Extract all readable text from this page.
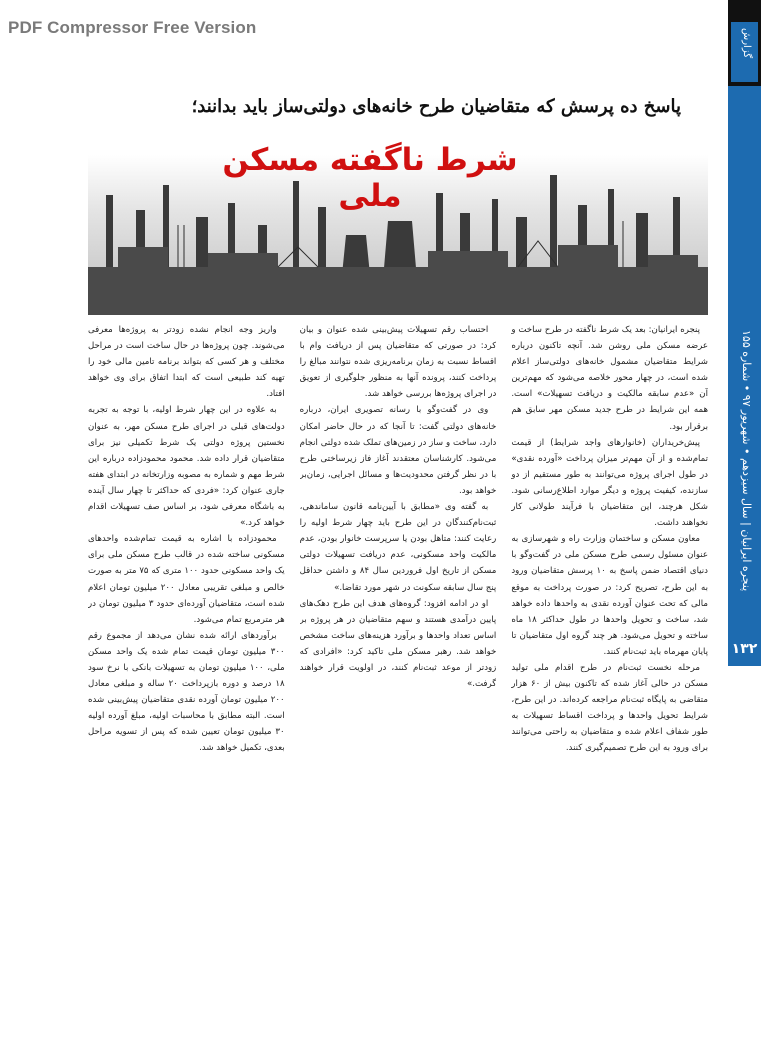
PDF Compressor Free Version
گزارش
پنجره ایرانیان | سال سیزدهم • شهریور ۹۷ • شماره ۱۵۵
۱۳۲
پاسخ ده پرسش که متقاضیان طرح خانه‌های دولتی‌ساز باید بدانند؛
شرط ناگفته مسکن ملی

پنجره ایرانیان: بعد یک شرط ناگفته در طرح ساخت و عرضه مسکن ملی روشن شد. آنچه تاکنون درباره شرایط متقاضیان مشمول خانه‌های دولتی‌ساز اعلام شده است، در چهار محور خلاصه می‌شود که مهم‌ترین آن «عدم سابقه مالکیت و دریافت تسهیلات» است. همه این شرایط در طرح جدید مسکن مهر سابق هم برقرار بود.

پیش‌خریداران (خانوارهای واجد شرایط) از قیمت تمام‌شده و از آن مهم‌تر میزان پرداخت «آورده نقدی» در طول اجرای پروژه می‌توانند به طور مستقیم از دو سازنده، کیفیت پروژه و دیگر موارد اطلاع‌رسانی شود. شکل هرچند، این متقاضیان با فرآیند طولانی کار نخواهند داشت.

معاون مسکن و ساختمان وزارت راه و شهرسازی به عنوان مسئول رسمی طرح مسکن ملی در گفت‌وگو با دنیای اقتصاد ضمن پاسخ به ۱۰ پرسش متقاضیان ورود به این طرح، تصریح کرد: در صورت پرداخت به موقع مالی که تحت عنوان آورده نقدی به واحدها داده خواهد شد، ساخت و تحویل واحدها در طول حداکثر ۱۸ ماه ساخته و تحویل می‌شود. هر چند گروه اول متقاضیان تا پایان مهرماه باید ثبت‌نام کنند.

مرحله نخست ثبت‌نام در طرح اقدام ملی تولید مسکن در حالی آغاز شده که تاکنون بیش از ۶۰ هزار متقاضی به پایگاه ثبت‌نام مراجعه کرده‌اند. در این طرح، شرایط تحویل واحدها و پرداخت اقساط تسهیلات به طور شفاف اعلام شده و متقاضیان به راحتی می‌توانند برای ورود به این طرح تصمیم‌گیری کنند.

احتساب رقم تسهیلات پیش‌بینی شده عنوان و بیان کرد: در صورتی که متقاضیان پس از دریافت وام با اقساط نسبت به زمان برنامه‌ریزی شده نتوانند مبالغ را پرداخت کنند، پرونده آنها به منظور جلوگیری از تعویق در اجرای پروژه‌ها بررسی خواهد شد.

وی در گفت‌وگو با رسانه تصویری ایران، درباره خانه‌های دولتی گفت: تا آنجا که در حال حاضر امکان دارد، ساخت و ساز در زمین‌های تملک شده دولتی انجام می‌شود. کارشناسان معتقدند آغاز فاز زیرساختی طرح با در نظر گرفتن محدودیت‌ها و مسائل اجرایی، زمان‌بر خواهد بود.

به گفته وی «مطابق با آیین‌نامه قانون ساماندهی، ثبت‌نام‌کنندگان در این طرح باید چهار شرط اولیه را رعایت کنند: متاهل بودن یا سرپرست خانوار بودن، عدم مالکیت واحد مسکونی، عدم دریافت تسهیلات دولتی مسکن از تاریخ اول فروردین سال ۸۴ و داشتن حداقل پنج سال سابقه سکونت در شهر مورد تقاضا.»

او در ادامه افزود: گروه‌های هدف این طرح دهک‌های پایین درآمدی هستند و سهم متقاضیان در هر پروژه بر اساس تعداد واحدها و برآورد هزینه‌های ساخت مشخص خواهد شد. رهبر مسکن ملی تاکید کرد: «افرادی که زودتر از موعد ثبت‌نام کنند، در اولویت قرار خواهند گرفت.»

واریز وجه انجام نشده زودتر به پروژه‌ها معرفی می‌شوند. چون پروژه‌ها در حال ساخت است در مراحل مختلف و هر کسی که بتواند برنامه تامین مالی خود را تهیه کند طبیعی است که ابتدا اتفاق برای وی خواهد افتاد.

به علاوه در این چهار شرط اولیه، با توجه به تجربه دولت‌های قبلی در اجرای طرح مسکن مهر، به عنوان نخستین پروژه دولتی یک شرط تکمیلی نیز برای متقاضیان قرار داده شد. محمود محمودزاده درباره این شرط مهم و شماره به مصوبه وزارتخانه در ابتدای هفته جاری عنوان کرد: «فردی که حداکثر تا چهار سال آینده به باشگاه معرفی شود، بر اساس صف تسهیلات اقدام خواهد کرد.»

محمودزاده با اشاره به قیمت تمام‌شده واحدهای مسکونی ساخته شده در قالب طرح مسکن ملی برای یک واحد مسکونی حدود ۱۰۰ متری که ۷۵ متر به صورت خالص و مبلغی تقریبی معادل ۲۰۰ میلیون تومان اعلام شده است، متقاضیان آورده‌ای حدود ۳ میلیون تومان در هر مترمربع تمام می‌شود.

برآوردهای ارائه شده نشان می‌دهد از مجموع رقم ۳۰۰ میلیون تومان قیمت تمام شده یک واحد مسکن ملی، ۱۰۰ میلیون تومان به تسهیلات بانکی با نرخ سود ۱۸ درصد و دوره بازپرداخت ۲۰ ساله و مبلغی معادل ۲۰۰ میلیون تومان آورده نقدی متقاضیان پیش‌بینی شده است. البته مطابق با محاسبات اولیه، مبلغ آورده اولیه ۳۰ میلیون تومان تعیین شده که پس از تسویه مراحل بعدی، تکمیل خواهد شد.
